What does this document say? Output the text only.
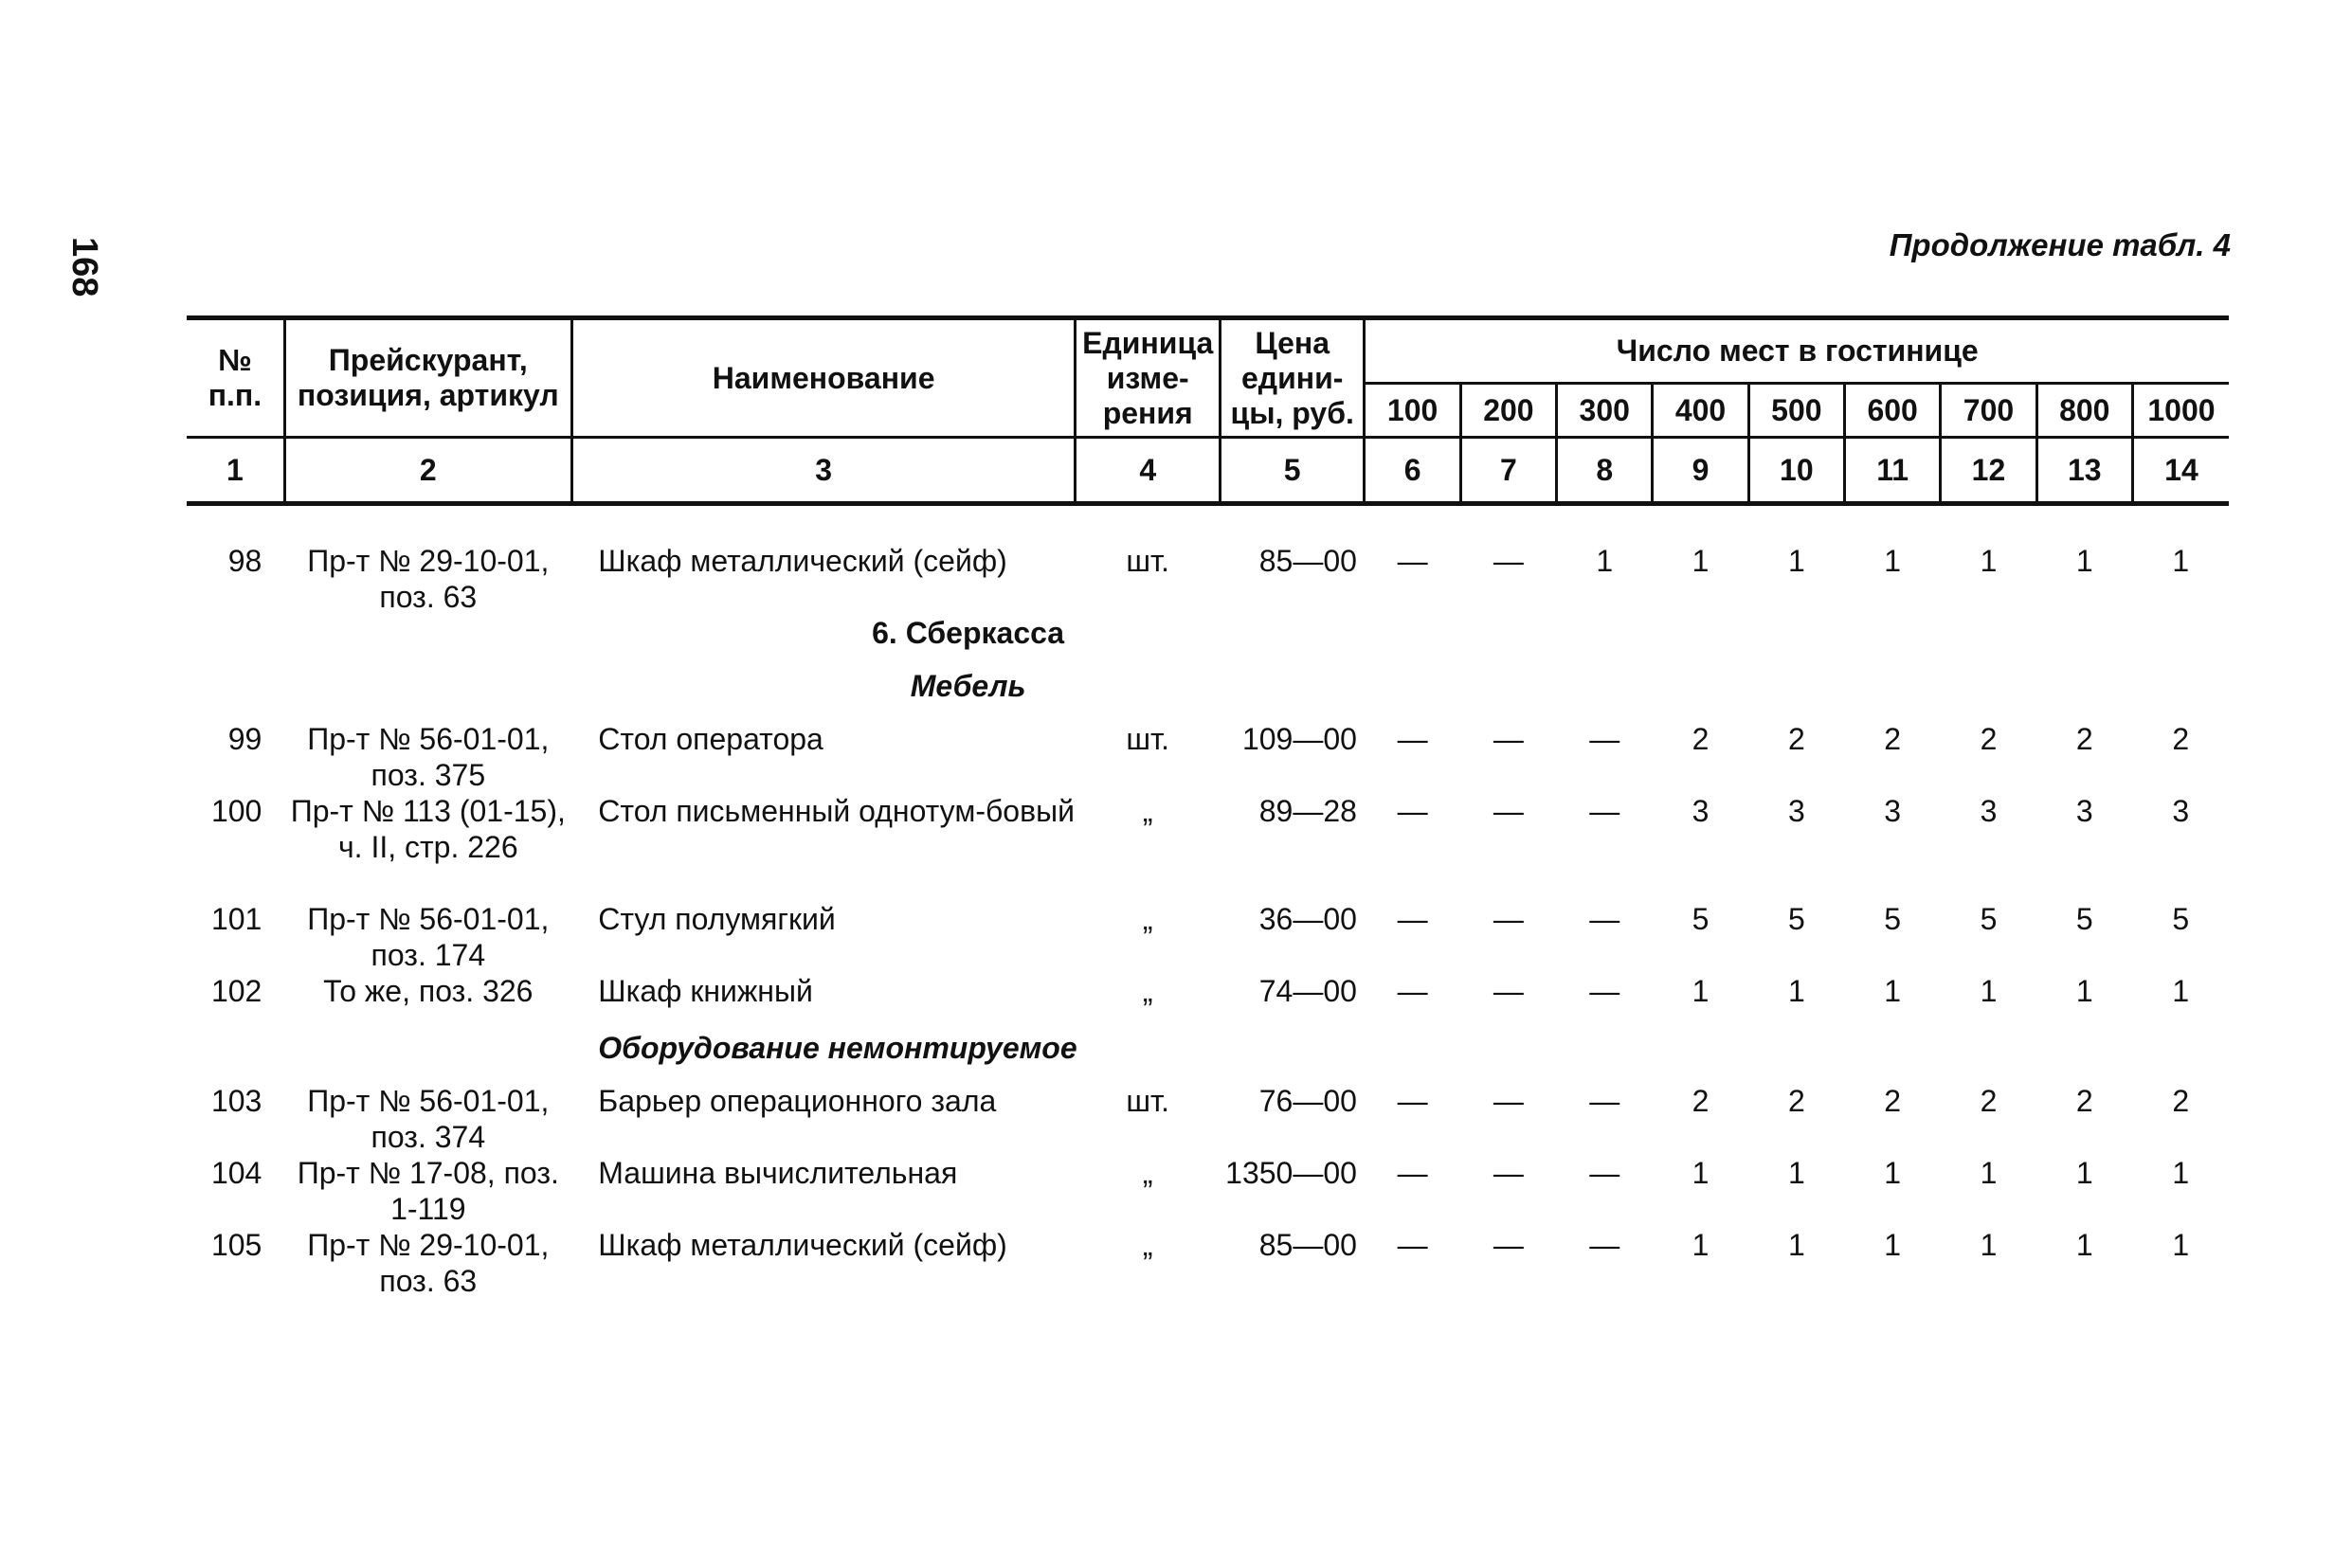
168	Продолжение табл. 4
№ п.п.	Прейскурант, позиция, артикул	Наименование	Единица изме-рения	Цена едини-цы, руб.	Число мест в гостинице								
					100	200	300	400	500	600	700	800	1000
1	2	3	4	5	6	7	8	9	10	11	12	13	14

98	Пр-т № 29-10-01, поз. 63	Шкаф металлический (сейф)	шт.	85—00	—	—	1	1	1	1	1	1	1
		6. Сберкасса											
		Мебель											
99	Пр-т № 56-01-01, поз. 375	Стол оператора	шт.	109—00	—	—	—	2	2	2	2	2	2
100	Пр-т № 113 (01-15), ч. II, стр. 226	Стол письменный однотум-бовый	„	89—28	—	—	—	3	3	3	3	3	3
101	Пр-т № 56-01-01, поз. 174	Стул полумягкий	„	36—00	—	—	—	5	5	5	5	5	5
102	То же, поз. 326	Шкаф книжный	„	74—00	—	—	—	1	1	1	1	1	1
		Оборудование немонтируемое											
103	Пр-т № 56-01-01, поз. 374	Барьер операционного зала	шт.	76—00	—	—	—	2	2	2	2	2	2
104	Пр-т № 17-08, поз. 1-119	Машина вычислительная	„	1350—00	—	—	—	1	1	1	1	1	1
105	Пр-т № 29-10-01, поз. 63	Шкаф металлический (сейф)	„	85—00	—	—	—	1	1	1	1	1	1
